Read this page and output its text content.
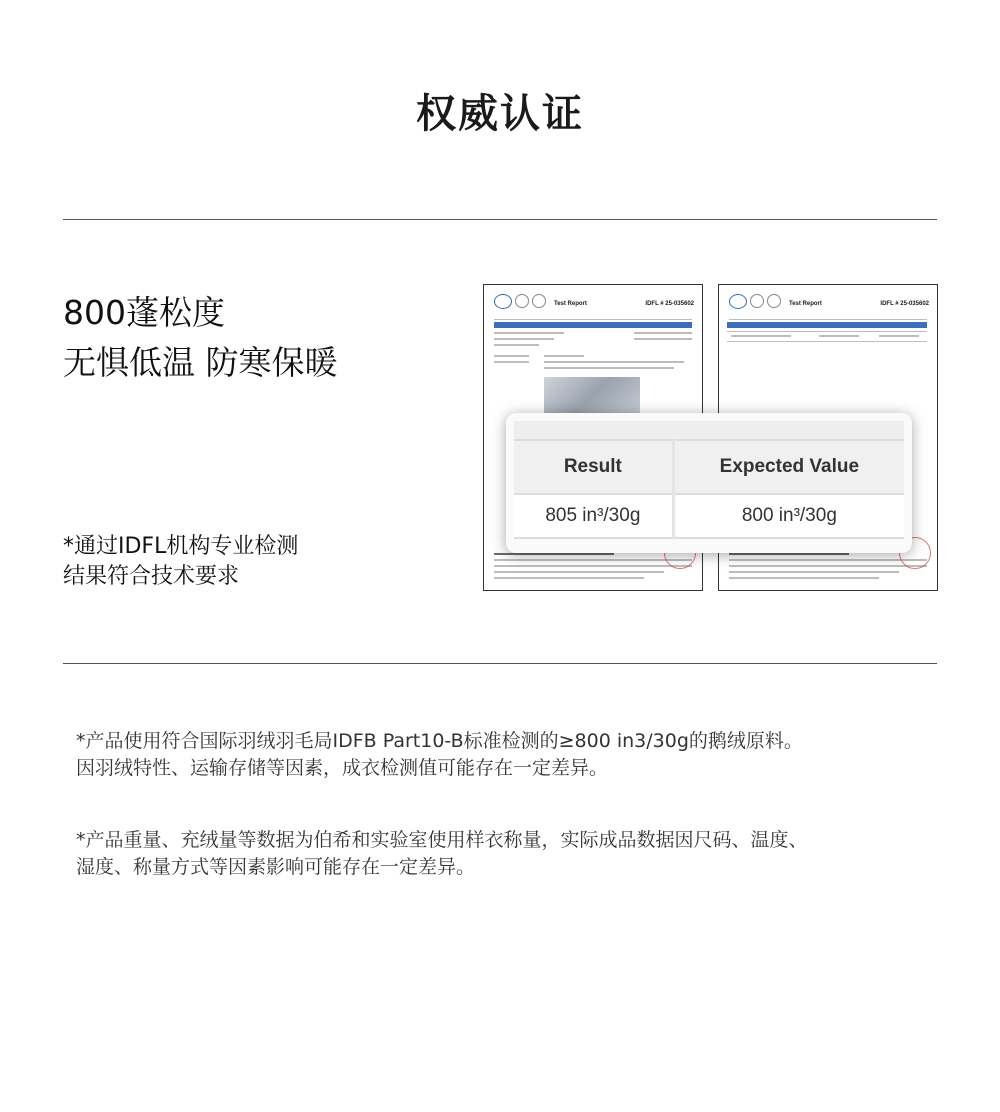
权威认证
800蓬松度
无惧低温 防寒保暖
*通过IDFL机构专业检测
结果符合技术要求
Test Report	IDFL # 25-035602	Test Report	IDFL # 25-035602
Result	Expected Value
805 in³/30g	800 in³/30g

*产品使用符合国际羽绒羽毛局IDFB Part10-B标准检测的≥800 in3/30g的鹅绒原料。
因羽绒特性、运输存储等因素，成衣检测值可能存在一定差异。

*产品重量、充绒量等数据为伯希和实验室使用样衣称量，实际成品数据因尺码、温度、
湿度、称量方式等因素影响可能存在一定差异。
